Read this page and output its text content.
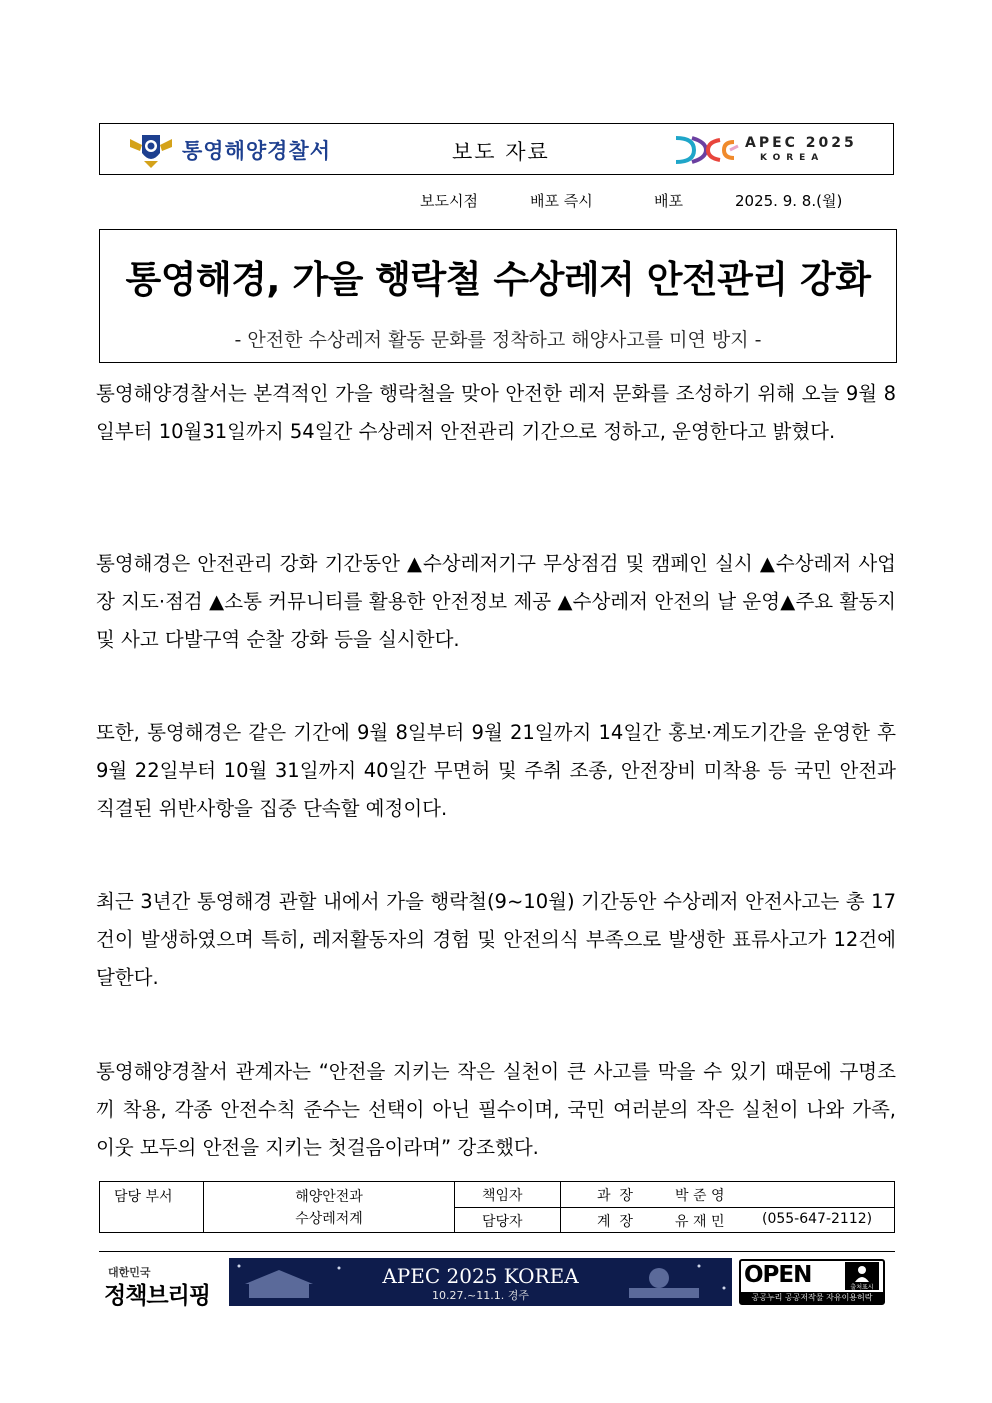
통영해양경찰서	보도 자료	APEC 2025
KOREA
보도시점	배포 즉시	배포	2025. 9. 8.(월)
통영해경, 가을 행락철 수상레저 안전관리 강화
- 안전한 수상레저 활동 문화를 정착하고 해양사고를 미연 방지 -
통영해양경찰서는 본격적인 가을 행락철을 맞아 안전한 레저 문화를 조성하기 위해 오늘 9월 8일부터 10월31일까지 54일간 수상레저 안전관리 기간으로 정하고, 운영한다고 밝혔다.
통영해경은 안전관리 강화 기간동안 ▲수상레저기구 무상점검 및 캠페인 실시 ▲수상레저 사업장 지도·점검 ▲소통 커뮤니티를 활용한 안전정보 제공 ▲수상레저 안전의 날 운영▲주요 활동지 및 사고 다발구역 순찰 강화 등을 실시한다.
또한, 통영해경은 같은 기간에 9월 8일부터 9월 21일까지 14일간 홍보·계도기간을 운영한 후 9월 22일부터 10월 31일까지 40일간 무면허 및 주취 조종, 안전장비 미착용 등 국민 안전과 직결된 위반사항을 집중 단속할 예정이다.
최근 3년간 통영해경 관할 내에서 가을 행락철(9~10월) 기간동안 수상레저 안전사고는 총 17건이 발생하였으며 특히, 레저활동자의 경험 및 안전의식 부족으로 발생한 표류사고가 12건에 달한다.
통영해양경찰서 관계자는 “안전을 지키는 작은 실천이 큰 사고를 막을 수 있기 때문에 구명조끼 착용, 각종 안전수칙 준수는 선택이 아닌 필수이며, 국민 여러분의 작은 실천이 나와 가족, 이웃 모두의 안전을 지키는 첫걸음이라며” 강조했다.
담당 부서	해양안전과
수상레저계
책임자	과  장	박 준 영
담당자	계  장	유 재 민	(055-647-2112)
대한민국
정책브리핑
APEC 2025 KOREA
10.27.~11.1. 경주
OPEN	출처표시
공공누리 공공저작물 자유이용허락
